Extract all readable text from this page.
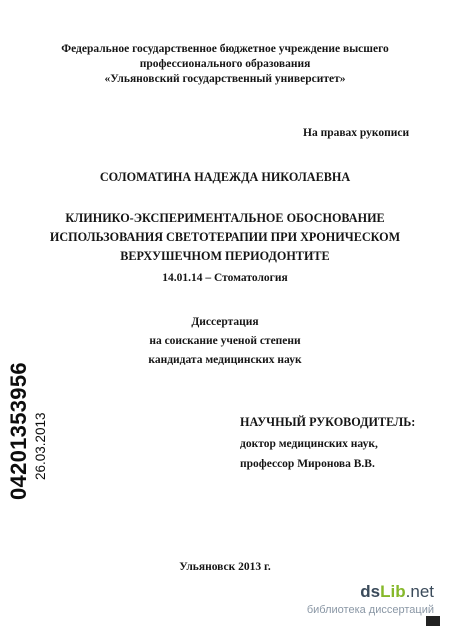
Федеральное государственное бюджетное учреждение высшего
профессионального образования
«Ульяновский государственный университет»
На правах рукописи
СОЛОМАТИНА НАДЕЖДА НИКОЛАЕВНА
КЛИНИКО-ЭКСПЕРИМЕНТАЛЬНОЕ ОБОСНОВАНИЕ
ИСПОЛЬЗОВАНИЯ СВЕТОТЕРАПИИ ПРИ ХРОНИЧЕСКОМ
ВЕРХУШЕЧНОМ ПЕРИОДОНТИТЕ
14.01.14 – Стоматология
Диссертация
на соискание ученой степени
кандидата медицинских наук
НАУЧНЫЙ РУКОВОДИТЕЛЬ:
доктор медицинских наук,
профессор Миронова В.В.
Ульяновск 2013 г.
04201353956 26.03.2013
dsLib.net
библиотека диссертаций
